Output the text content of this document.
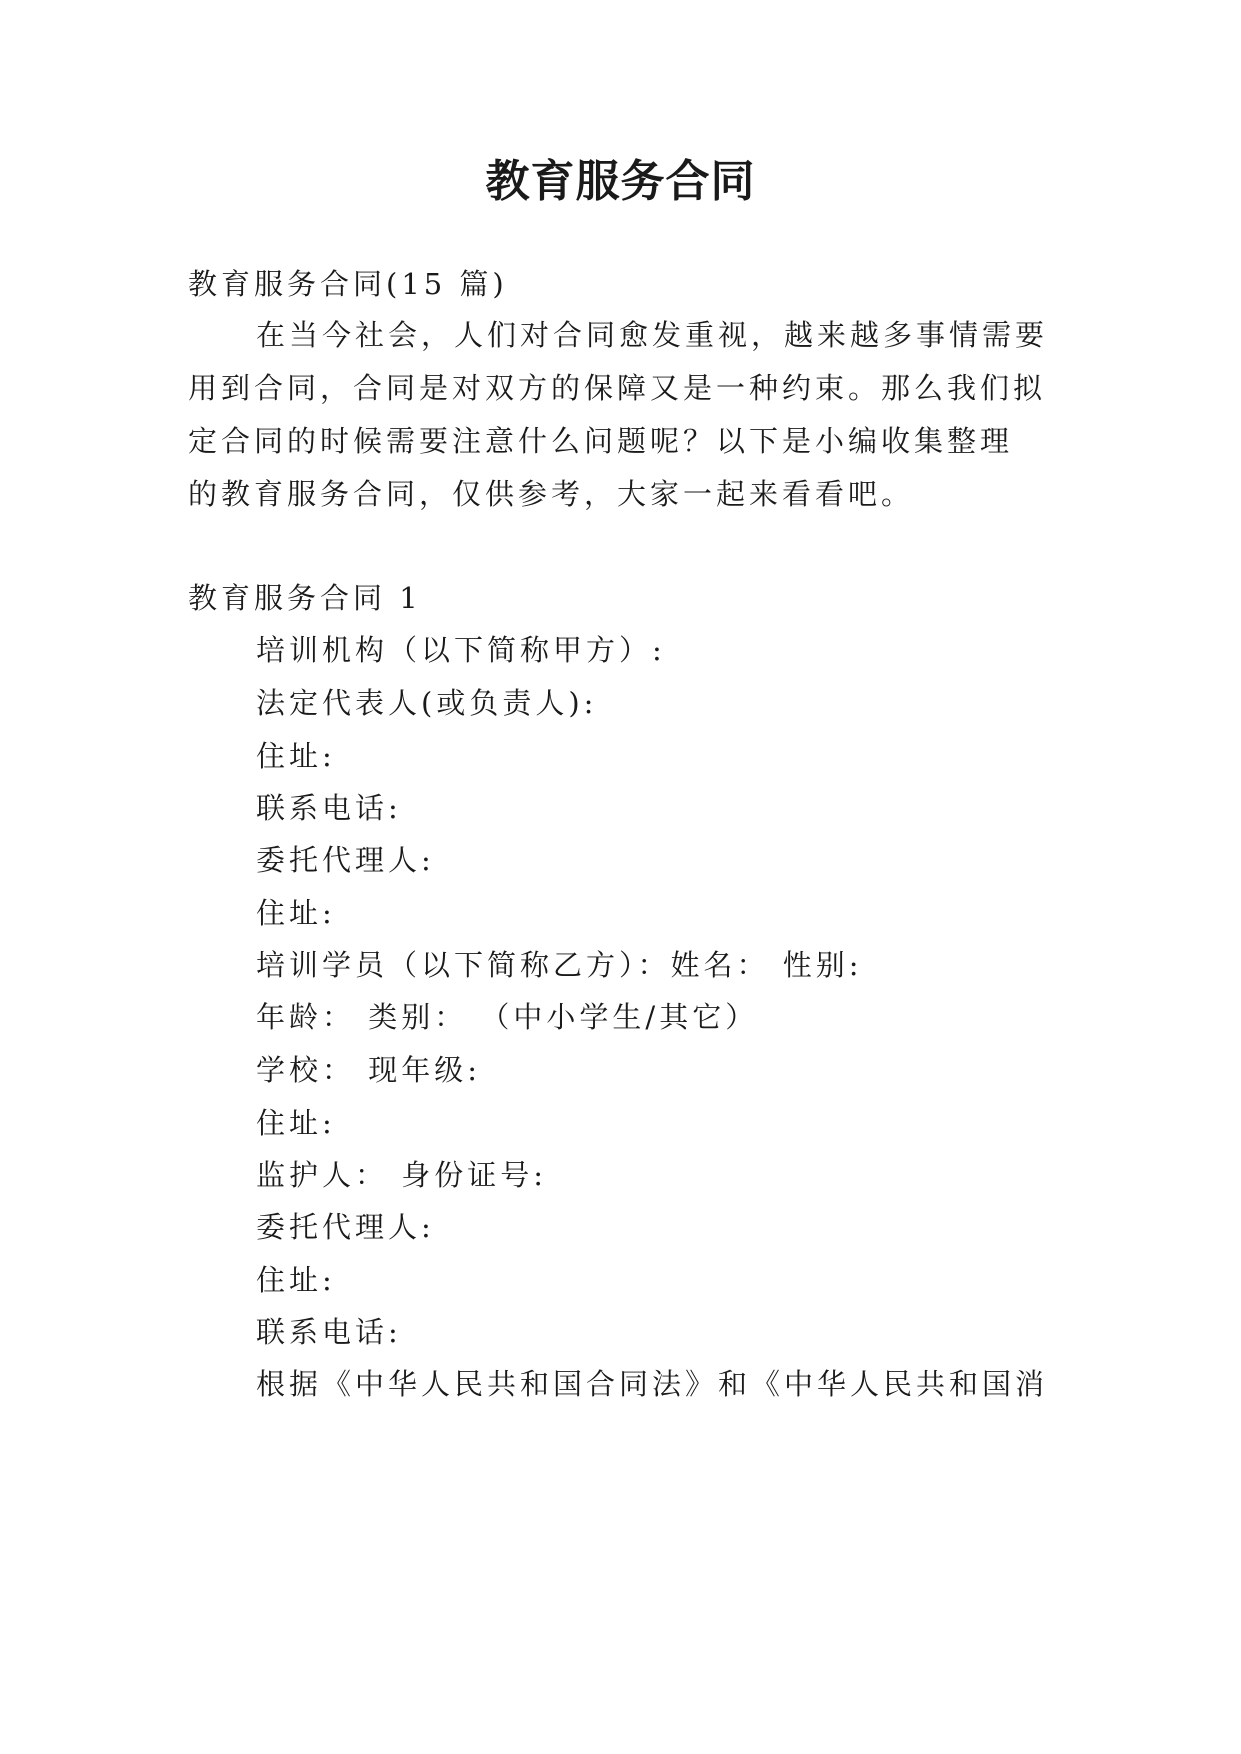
教育服务合同
教育服务合同(15 篇)
在当今社会，人们对合同愈发重视，越来越多事情需要
用到合同，合同是对双方的保障又是一种约束。那么我们拟
定合同的时候需要注意什么问题呢？以下是小编收集整理
的教育服务合同，仅供参考，大家一起来看看吧。
教育服务合同 1
培训机构（以下简称甲方）:
法定代表人(或负责人):
住址:
联系电话:
委托代理人:
住址:
培训学员（以下简称乙方）：姓名： 性别:
年龄： 类别： （中小学生/其它）
学校： 现年级:
住址:
监护人： 身份证号:
委托代理人:
住址:
联系电话:
根据《中华人民共和国合同法》和《中华人民共和国消
